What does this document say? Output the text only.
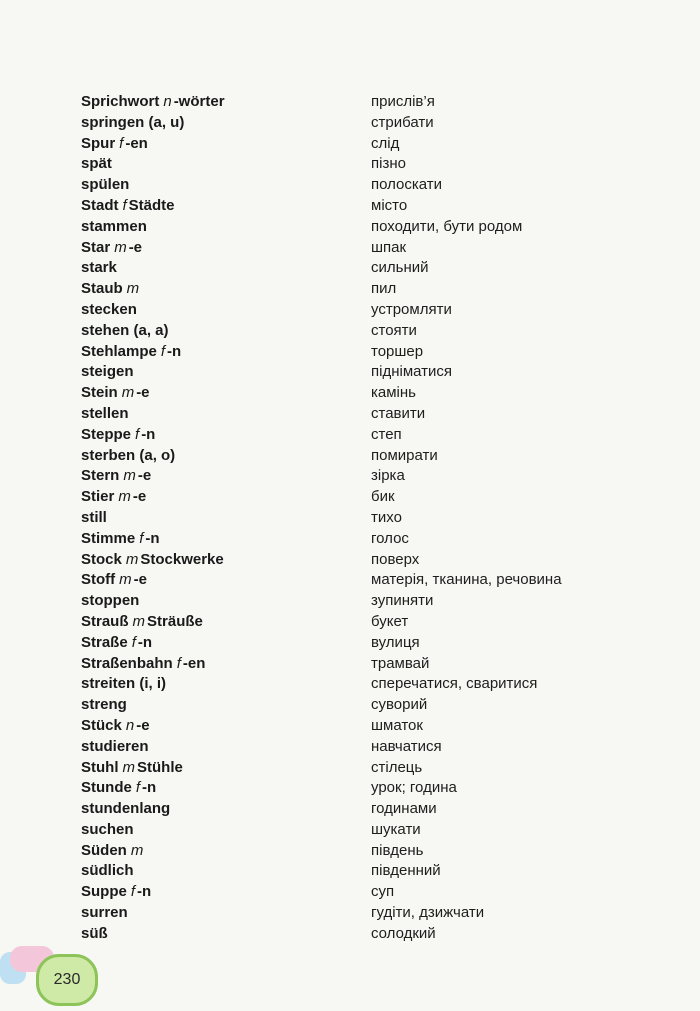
Sprichwort n -wörter	прислів’я
springen (a, u)	стрибати
Spur f -en	слід
spät	пізно
spülen	полоскати
Stadt f Städte	місто
stammen	походити, бути родом
Star m -e	шпак
stark	сильний
Staub m	пил
stecken	устромляти
stehen (a, a)	стояти
Stehlampe f -n	торшер
steigen	підніматися
Stein m -e	камінь
stellen	ставити
Steppe f -n	степ
sterben (a, o)	помирати
Stern m -e	зірка
Stier m -e	бик
still	тихо
Stimme f -n	голос
Stock m Stockwerke	поверх
Stoff m -e	матерія, тканина, речовина
stoppen	зупиняти
Strauß m Sträuße	букет
Straße f -n	вулиця
Straßenbahn f -en	трамвай
streiten (i, i)	сперечатися, сваритися
streng	суворий
Stück n -e	шматок
studieren	навчатися
Stuhl m Stühle	стілець
Stunde f -n	урок; година
stundenlang	годинами
suchen	шукати
Süden m	південь
südlich	південний
Suppe f -n	суп
surren	гудіти, дзижчати
süß	солодкий
230
